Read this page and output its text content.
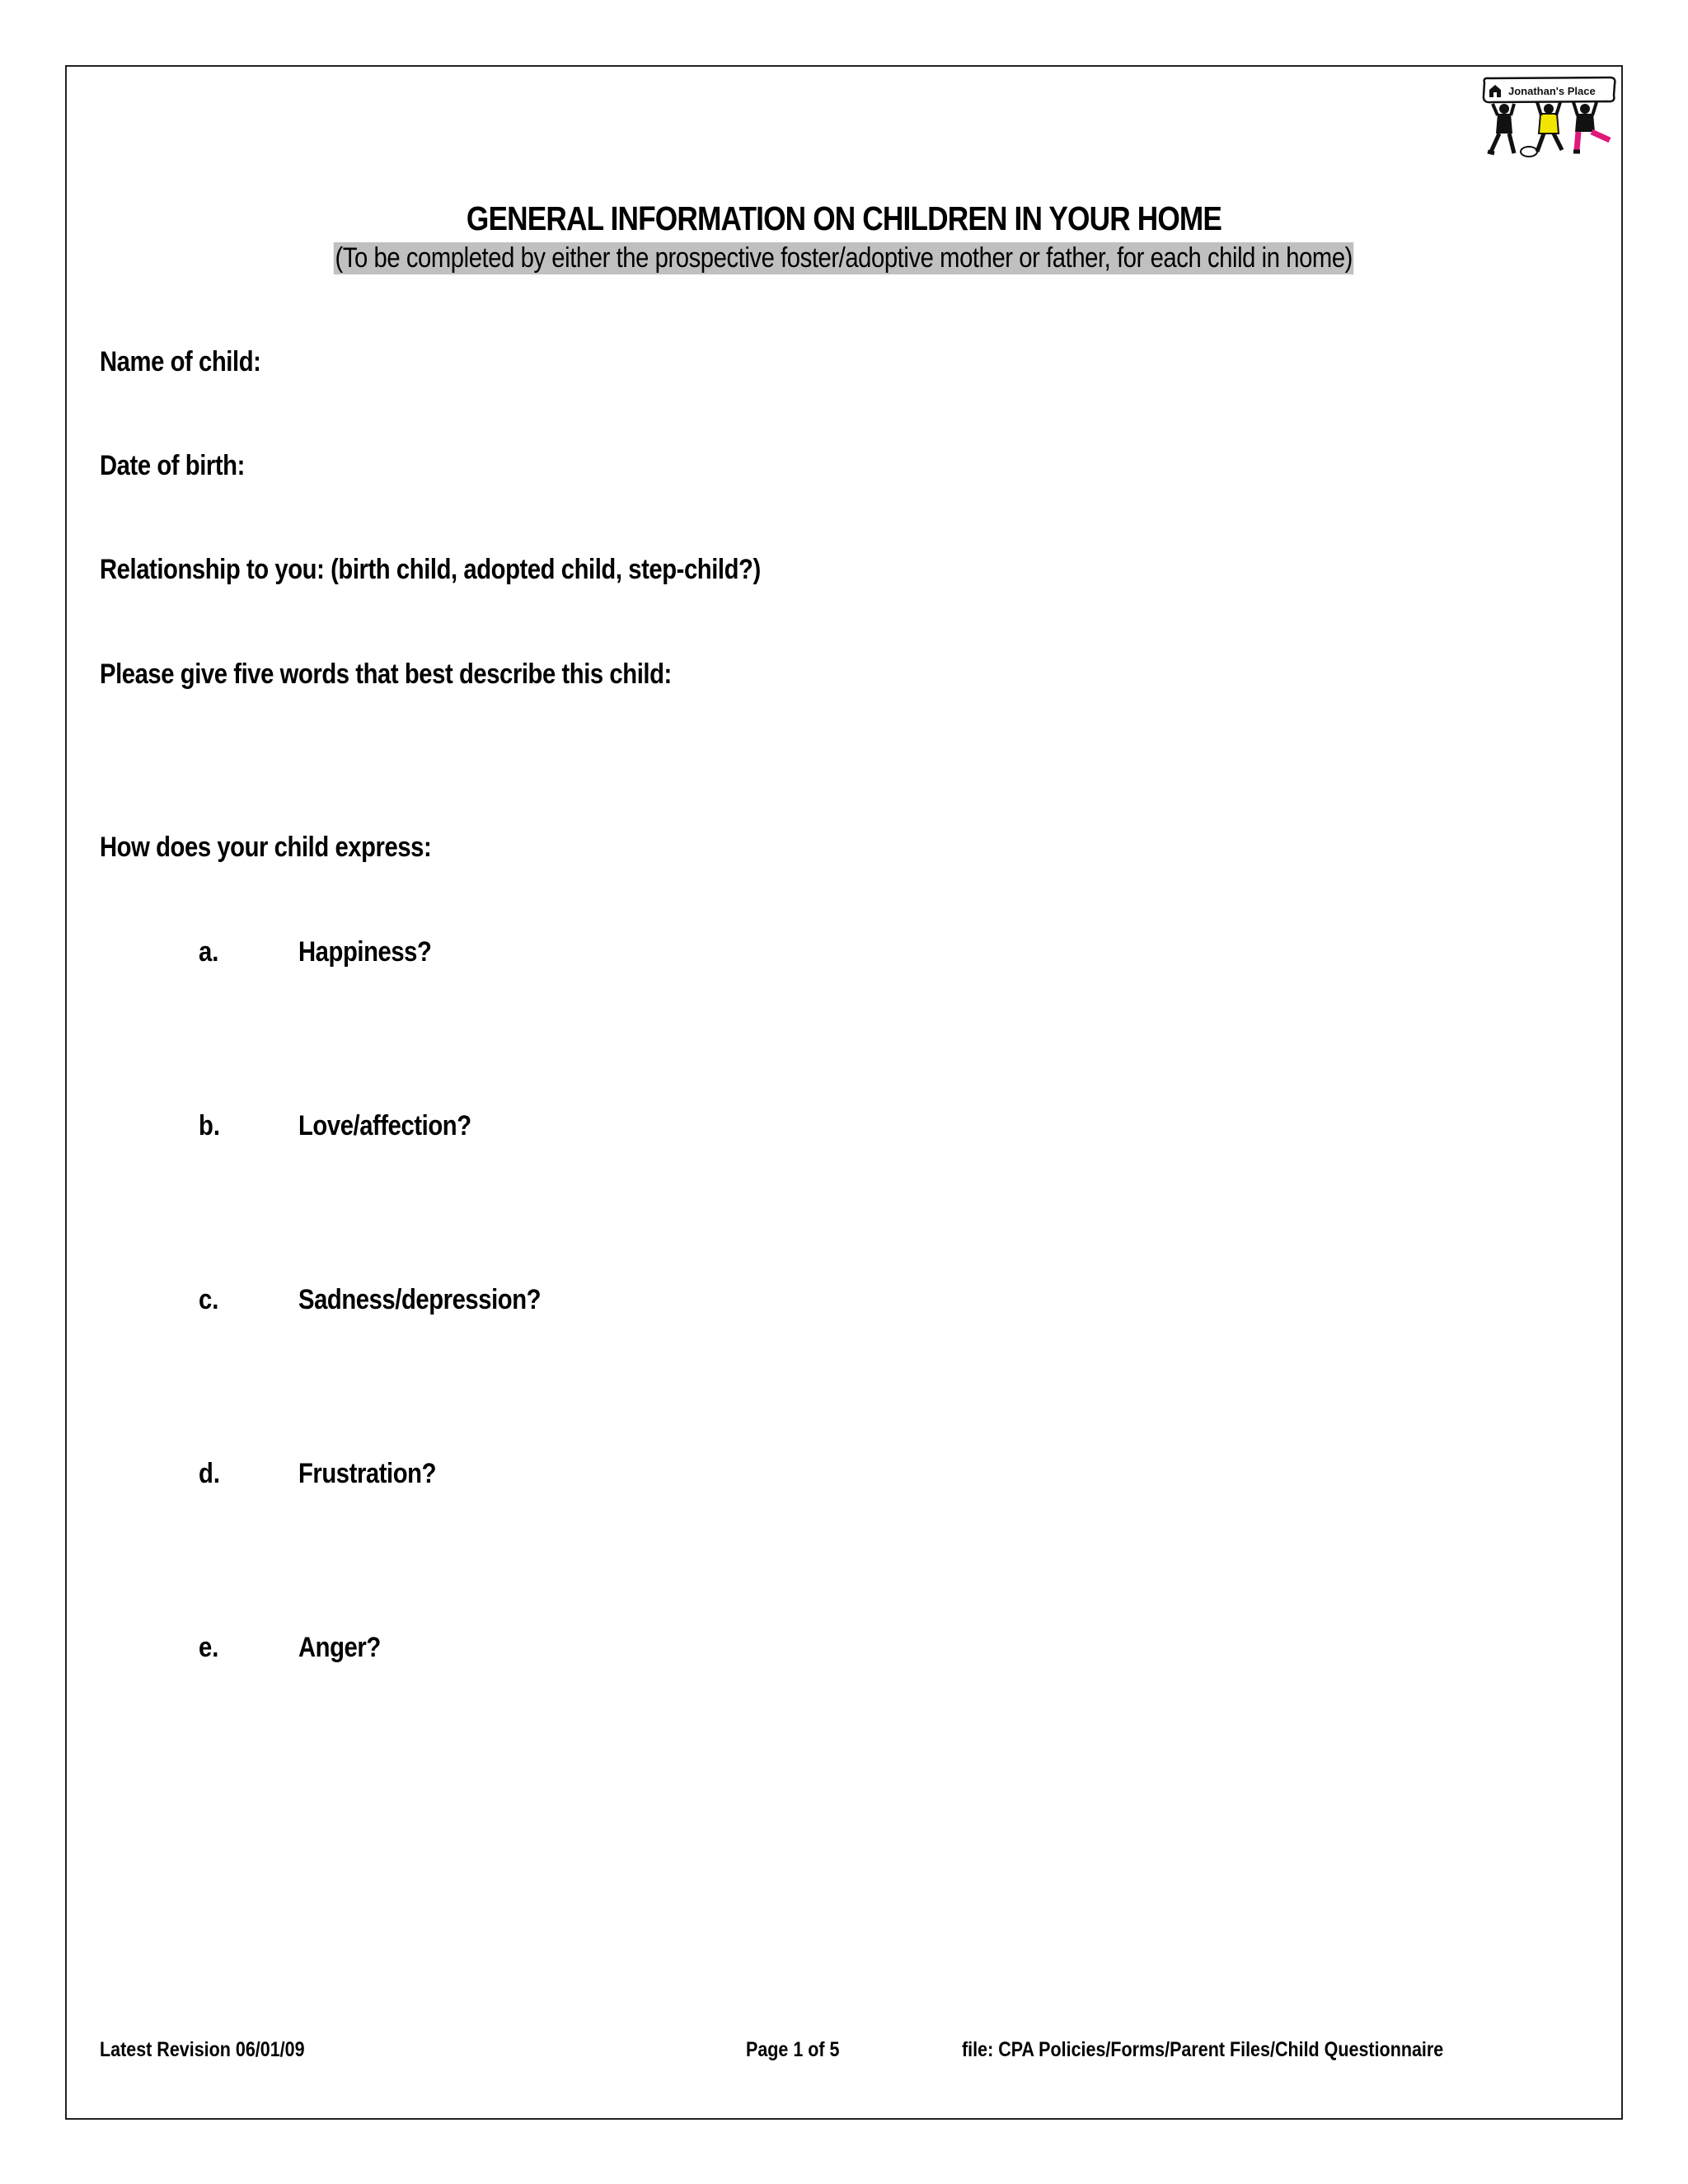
Jonathan's Place
GENERAL INFORMATION ON CHILDREN IN YOUR HOME
(To be completed by either the prospective foster/adoptive mother or father, for each child in home)
Name of child:
Date of birth:
Relationship to you: (birth child, adopted child, step-child?)
Please give five words that best describe this child:
How does your child express:
a.	Happiness?
b.	Love/affection?
c.	Sadness/depression?
d.	Frustration?
e.	Anger?
Latest Revision 06/01/09	Page 1 of 5	file: CPA Policies/Forms/Parent Files/Child Questionnaire
